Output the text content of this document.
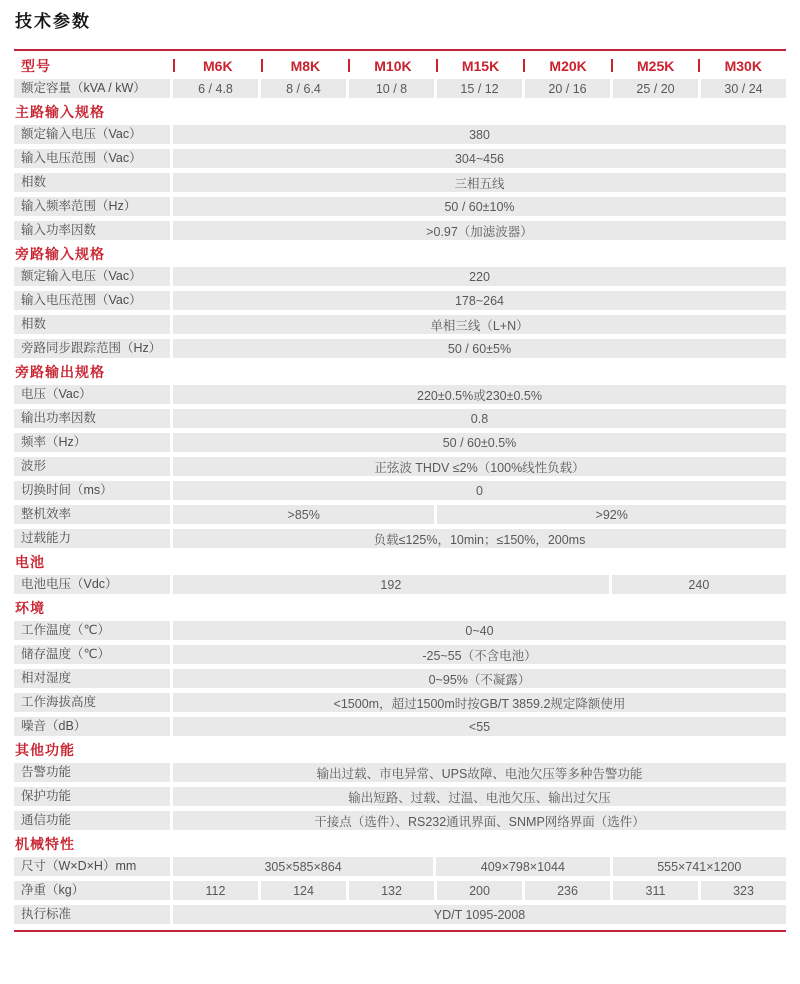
技术参数
型号	M6K	M8K	M10K	M15K	M20K	M25K	M30K
额定容量（kVA / kW）	6 / 4.8	8 / 6.4	10 / 8	15 / 12	20 / 16	25 / 20	30 / 24
主路输入规格
额定输入电压（Vac）	380
输入电压范围（Vac）	304~456
相数	三相五线
输入频率范围（Hz）	50 / 60±10%
输入功率因数	>0.97（加滤波器）
旁路输入规格
额定输入电压（Vac）	220
输入电压范围（Vac）	178~264
相数	单相三线（L+N）
旁路同步跟踪范围（Hz）	50 / 60±5%
旁路输出规格
电压（Vac）	220±0.5%或230±0.5%
输出功率因数	0.8
频率（Hz）	50 / 60±0.5%
波形	正弦波 THDV ≤2%（100%线性负载）
切换时间（ms）	0
整机效率	>85%	>92%
过载能力	负载≤125%，10min；≤150%，200ms
电池
电池电压（Vdc）	192	240
环境
工作温度（℃）	0~40
储存温度（℃）	-25~55（不含电池）
相对湿度	0~95%（不凝露）
工作海拔高度	<1500m，超过1500m时按GB/T 3859.2规定降额使用
噪音（dB）	<55
其他功能
告警功能	输出过载、市电异常、UPS故障、电池欠压等多种告警功能
保护功能	输出短路、过载、过温、电池欠压、输出过欠压
通信功能	干接点（选件）、RS232通讯界面、SNMP网络界面（选件）
机械特性
尺寸（W×D×H）mm	305×585×864	409×798×1044	555×741×1200
净重（kg）	112	124	132	200	236	311	323
执行标准	YD/T 1095-2008
